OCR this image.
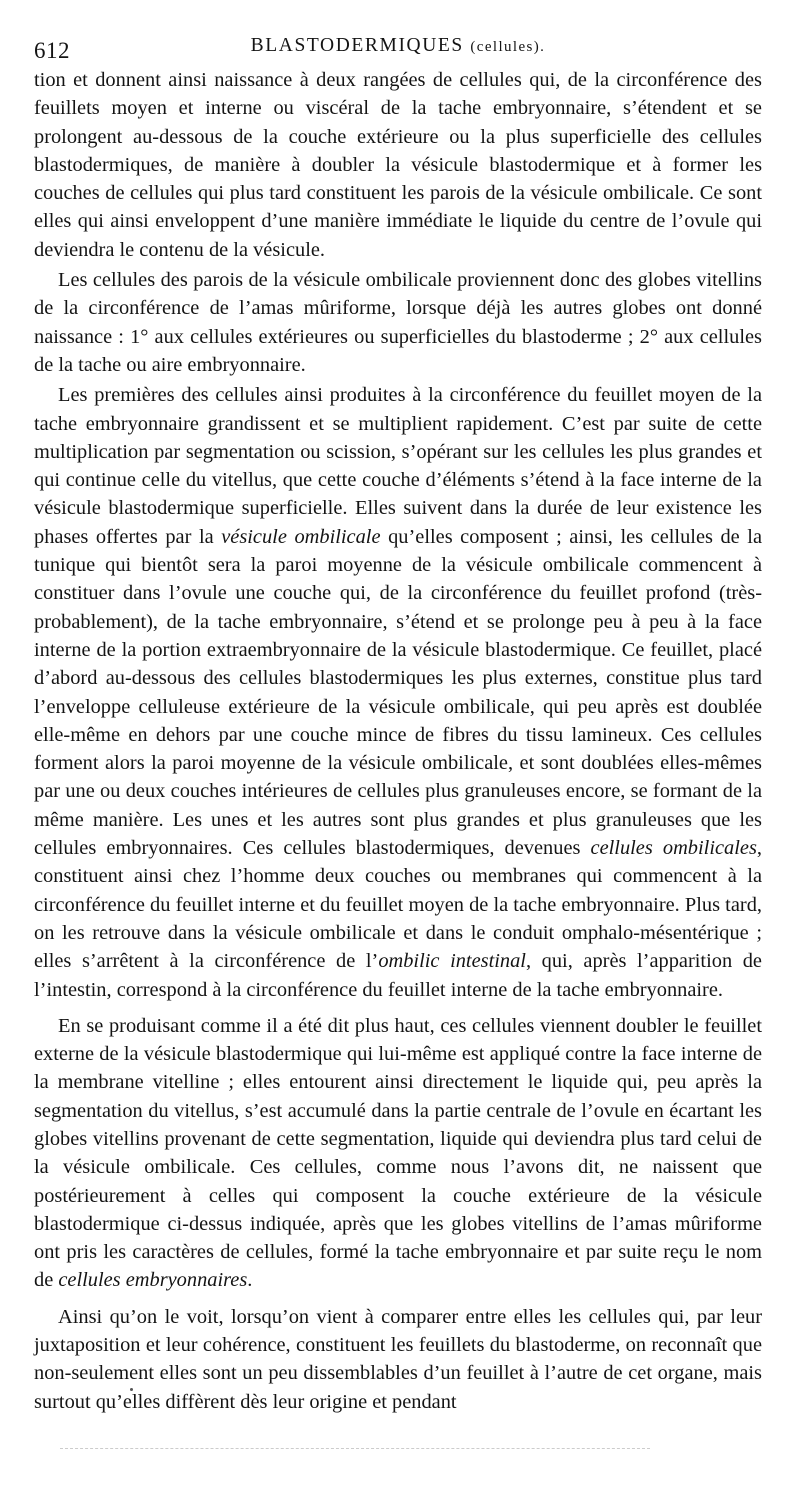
612	BLASTODERMIQUES (cellules).

tion et donnent ainsi naissance à deux rangées de cellules qui, de la circonférence des feuillets moyen et interne ou viscéral de la tache embryonnaire, s’étendent et se prolongent au-dessous de la couche extérieure ou la plus superficielle des cellules blastodermiques, de manière à doubler la vésicule blastodermique et à former les couches de cellules qui plus tard constituent les parois de la vésicule ombilicale. Ce sont elles qui ainsi enveloppent d’une manière immédiate le liquide du centre de l’ovule qui deviendra le contenu de la vésicule.

Les cellules des parois de la vésicule ombilicale proviennent donc des globes vitellins de la circonférence de l’amas mûriforme, lorsque déjà les autres globes ont donné naissance : 1° aux cellules extérieures ou superficielles du blastoderme ; 2° aux cellules de la tache ou aire embryonnaire.

Les premières des cellules ainsi produites à la circonférence du feuillet moyen de la tache embryonnaire grandissent et se multiplient rapidement. C’est par suite de cette multiplication par segmentation ou scission, s’opérant sur les cellules les plus grandes et qui continue celle du vitellus, que cette couche d’éléments s’étend à la face interne de la vésicule blastodermique superficielle. Elles suivent dans la durée de leur existence les phases offertes par la vésicule ombilicale qu’elles composent ; ainsi, les cellules de la tunique qui bientôt sera la paroi moyenne de la vésicule ombilicale commencent à constituer dans l’ovule une couche qui, de la circonférence du feuillet profond (très-probablement), de la tache embryonnaire, s’étend et se prolonge peu à peu à la face interne de la portion extraembryonnaire de la vésicule blastodermique. Ce feuillet, placé d’abord au-dessous des cellules blastodermiques les plus externes, constitue plus tard l’enveloppe celluleuse extérieure de la vésicule ombilicale, qui peu après est doublée elle-même en dehors par une couche mince de fibres du tissu lamineux. Ces cellules forment alors la paroi moyenne de la vésicule ombilicale, et sont doublées elles-mêmes par une ou deux couches intérieures de cellules plus granuleuses encore, se formant de la même manière. Les unes et les autres sont plus grandes et plus granuleuses que les cellules embryonnaires. Ces cellules blastodermiques, devenues cellules ombilicales, constituent ainsi chez l’homme deux couches ou membranes qui commencent à la circonférence du feuillet interne et du feuillet moyen de la tache embryonnaire. Plus tard, on les retrouve dans la vésicule ombilicale et dans le conduit omphalo-mésentérique ; elles s’arrêtent à la circonférence de l’ombilic intestinal, qui, après l’apparition de l’intestin, correspond à la circonférence du feuillet interne de la tache embryonnaire.

En se produisant comme il a été dit plus haut, ces cellules viennent doubler le feuillet externe de la vésicule blastodermique qui lui-même est appliqué contre la face interne de la membrane vitelline ; elles entourent ainsi directement le liquide qui, peu après la segmentation du vitellus, s’est accumulé dans la partie centrale de l’ovule en écartant les globes vitellins provenant de cette segmentation, liquide qui deviendra plus tard celui de la vésicule ombilicale. Ces cellules, comme nous l’avons dit, ne naissent que postérieurement à celles qui composent la couche extérieure de la vésicule blastodermique ci-dessus indiquée, après que les globes vitellins de l’amas mûriforme ont pris les caractères de cellules, formé la tache embryonnaire et par suite reçu le nom de cellules embryonnaires.

Ainsi qu’on le voit, lorsqu’on vient à comparer entre elles les cellules qui, par leur juxtaposition et leur cohérence, constituent les feuillets du blastoderme, on reconnaît que non-seulement elles sont un peu dissemblables d’un feuillet à l’autre de cet organe, mais surtout qu’elles diffèrent dès leur origine et pendant
